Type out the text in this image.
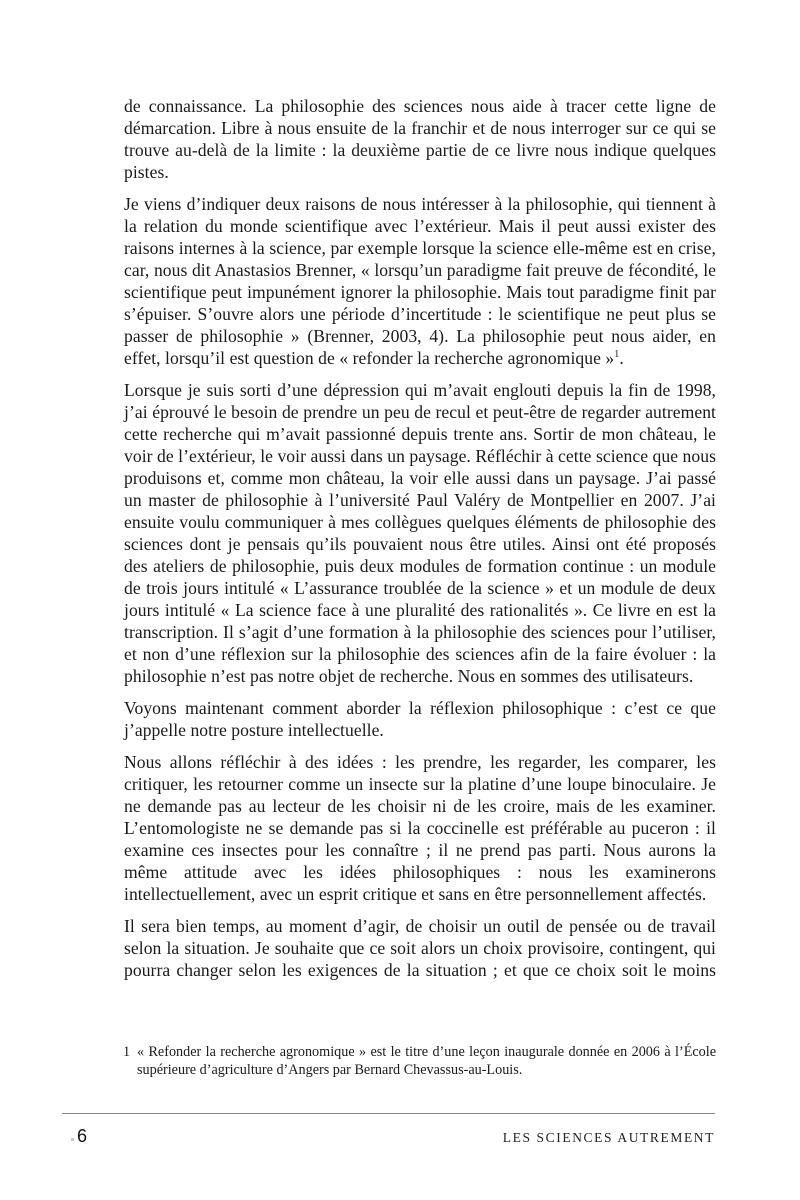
de connaissance. La philosophie des sciences nous aide à tracer cette ligne de démarcation. Libre à nous ensuite de la franchir et de nous interroger sur ce qui se trouve au-delà de la limite : la deuxième partie de ce livre nous indique quelques pistes.

Je viens d’indiquer deux raisons de nous intéresser à la philosophie, qui tiennent à la relation du monde scientifique avec l’extérieur. Mais il peut aussi exister des raisons internes à la science, par exemple lorsque la science elle-même est en crise, car, nous dit Anastasios Brenner, « lorsqu’un paradigme fait preuve de fécondité, le scientifique peut impunément ignorer la philosophie. Mais tout paradigme finit par s’épuiser. S’ouvre alors une période d’incertitude : le scientifique ne peut plus se passer de philosophie » (Brenner, 2003, 4). La philosophie peut nous aider, en effet, lorsqu’il est question de « refonder la recherche agronomique »$^1$.

Lorsque je suis sorti d’une dépression qui m’avait englouti depuis la fin de 1998, j’ai éprouvé le besoin de prendre un peu de recul et peut-être de regarder autrement cette recherche qui m’avait passionné depuis trente ans. Sortir de mon château, le voir de l’extérieur, le voir aussi dans un paysage. Réfléchir à cette science que nous produisons et, comme mon château, la voir elle aussi dans un paysage. J’ai passé un master de philosophie à l’université Paul Valéry de Montpellier en 2007. J’ai ensuite voulu communiquer à mes collègues quelques éléments de philosophie des sciences dont je pensais qu’ils pouvaient nous être utiles. Ainsi ont été proposés des ateliers de philosophie, puis deux modules de formation continue : un module de trois jours intitulé « L’assurance troublée de la science » et un module de deux jours intitulé « La science face à une pluralité des rationalités ». Ce livre en est la transcription. Il s’agit d’une formation à la philosophie des sciences pour l’utiliser, et non d’une réflexion sur la philosophie des sciences afin de la faire évoluer : la philosophie n’est pas notre objet de recherche. Nous en sommes des utilisateurs.

Voyons maintenant comment aborder la réflexion philosophique : c’est ce que j’appelle notre posture intellectuelle.

Nous allons réfléchir à des idées : les prendre, les regarder, les comparer, les critiquer, les retourner comme un insecte sur la platine d’une loupe binoculaire. Je ne demande pas au lecteur de les choisir ni de les croire, mais de les examiner. L’entomologiste ne se demande pas si la coccinelle est préférable au puceron : il examine ces insectes pour les connaître ; il ne prend pas parti. Nous aurons la même attitude avec les idées philosophiques : nous les examinerons intellectuellement, avec un esprit critique et sans en être personnellement affectés.

Il sera bien temps, au moment d’agir, de choisir un outil de pensée ou de travail selon la situation. Je souhaite que ce soit alors un choix provisoire, contingent, qui pourra changer selon les exigences de la situation ; et que ce choix soit le moins

1 « Refonder la recherche agronomique » est le titre d’une leçon inaugurale donnée en 2006 à l’École supérieure d’agriculture d’Angers par Bernard Chevassus-au-Louis.

6	LES SCIENCES AUTREMENT
